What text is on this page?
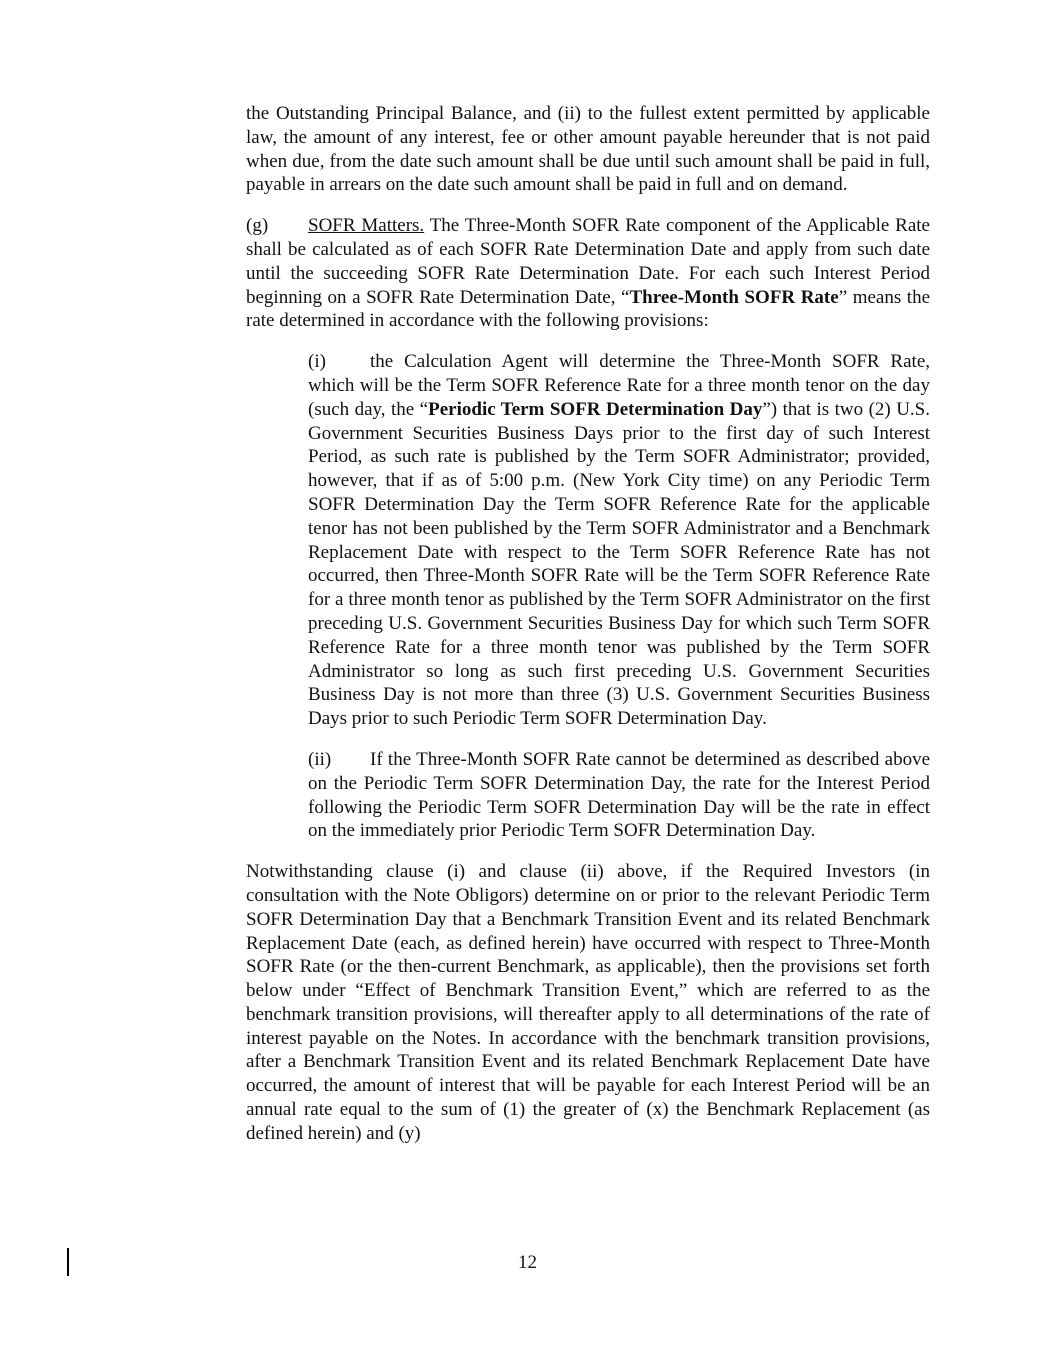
the Outstanding Principal Balance, and (ii) to the fullest extent permitted by applicable law, the amount of any interest, fee or other amount payable hereunder that is not paid when due, from the date such amount shall be due until such amount shall be paid in full, payable in arrears on the date such amount shall be paid in full and on demand.

(g) SOFR Matters. The Three-Month SOFR Rate component of the Applicable Rate shall be calculated as of each SOFR Rate Determination Date and apply from such date until the succeeding SOFR Rate Determination Date. For each such Interest Period beginning on a SOFR Rate Determination Date, “Three-Month SOFR Rate” means the rate determined in accordance with the following provisions:

(i) the Calculation Agent will determine the Three-Month SOFR Rate, which will be the Term SOFR Reference Rate for a three month tenor on the day (such day, the “Periodic Term SOFR Determination Day”) that is two (2) U.S. Government Securities Business Days prior to the first day of such Interest Period, as such rate is published by the Term SOFR Administrator; provided, however, that if as of 5:00 p.m. (New York City time) on any Periodic Term SOFR Determination Day the Term SOFR Reference Rate for the applicable tenor has not been published by the Term SOFR Administrator and a Benchmark Replacement Date with respect to the Term SOFR Reference Rate has not occurred, then Three-Month SOFR Rate will be the Term SOFR Reference Rate for a three month tenor as published by the Term SOFR Administrator on the first preceding U.S. Government Securities Business Day for which such Term SOFR Reference Rate for a three month tenor was published by the Term SOFR Administrator so long as such first preceding U.S. Government Securities Business Day is not more than three (3) U.S. Government Securities Business Days prior to such Periodic Term SOFR Determination Day.

(ii) If the Three-Month SOFR Rate cannot be determined as described above on the Periodic Term SOFR Determination Day, the rate for the Interest Period following the Periodic Term SOFR Determination Day will be the rate in effect on the immediately prior Periodic Term SOFR Determination Day.

Notwithstanding clause (i) and clause (ii) above, if the Required Investors (in consultation with the Note Obligors) determine on or prior to the relevant Periodic Term SOFR Determination Day that a Benchmark Transition Event and its related Benchmark Replacement Date (each, as defined herein) have occurred with respect to Three-Month SOFR Rate (or the then-current Benchmark, as applicable), then the provisions set forth below under “Effect of Benchmark Transition Event,” which are referred to as the benchmark transition provisions, will thereafter apply to all determinations of the rate of interest payable on the Notes. In accordance with the benchmark transition provisions, after a Benchmark Transition Event and its related Benchmark Replacement Date have occurred, the amount of interest that will be payable for each Interest Period will be an annual rate equal to the sum of (1) the greater of (x) the Benchmark Replacement (as defined herein) and (y)

12
